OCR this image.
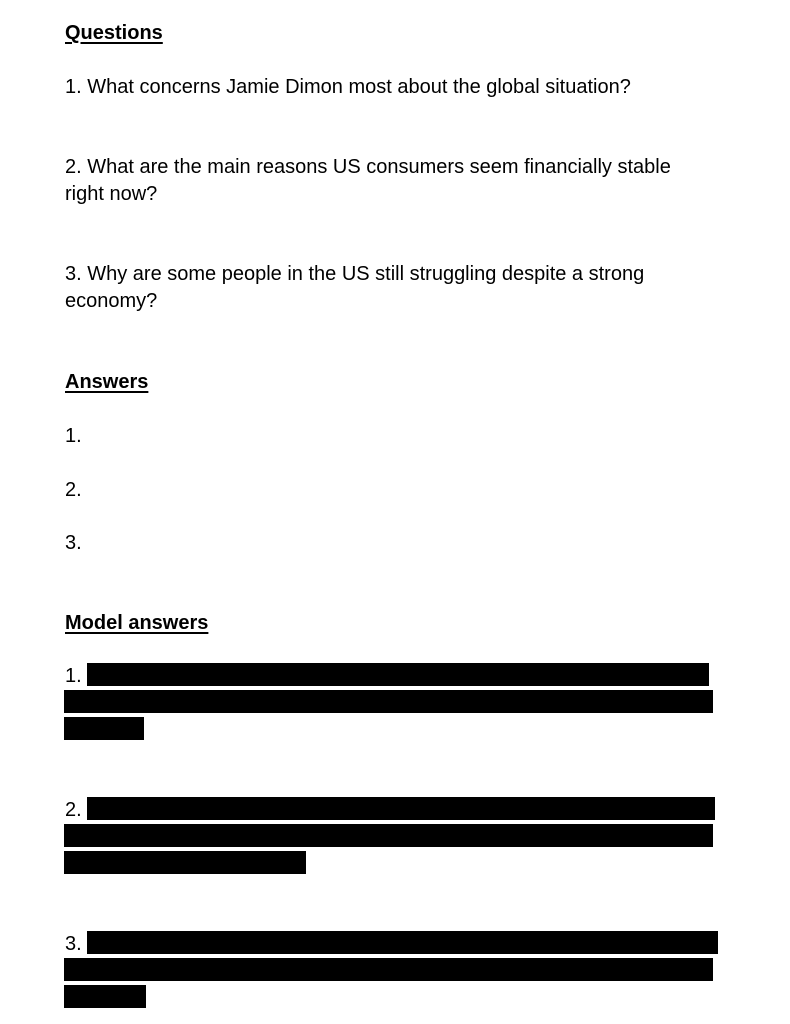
Questions
1. What concerns Jamie Dimon most about the global situation?
2. What are the main reasons US consumers seem financially stable right now?
3. Why are some people in the US still struggling despite a strong economy?
Answers
1.
2.
3.
Model answers
1.
2.
3.
